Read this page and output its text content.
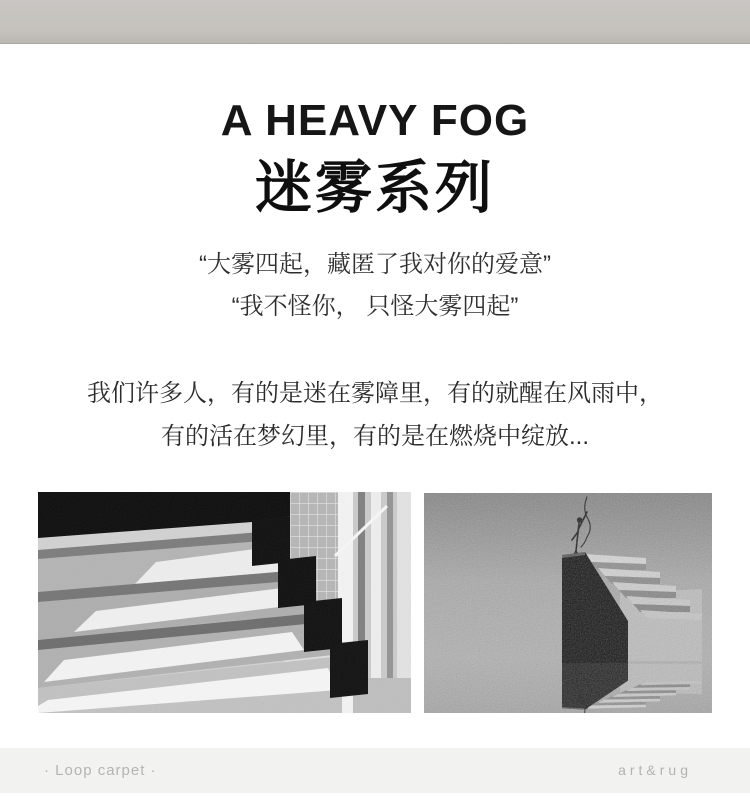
A HEAVY FOG
迷雾系列

“大雾四起，藏匿了我对你的爱意”

“我不怪你， 只怪大雾四起”

我们许多人，有的是迷在雾障里，有的就醒在风雨中，

有的活在梦幻里，有的是在燃烧中绽放...

· Loop carpet ·	art&rug
